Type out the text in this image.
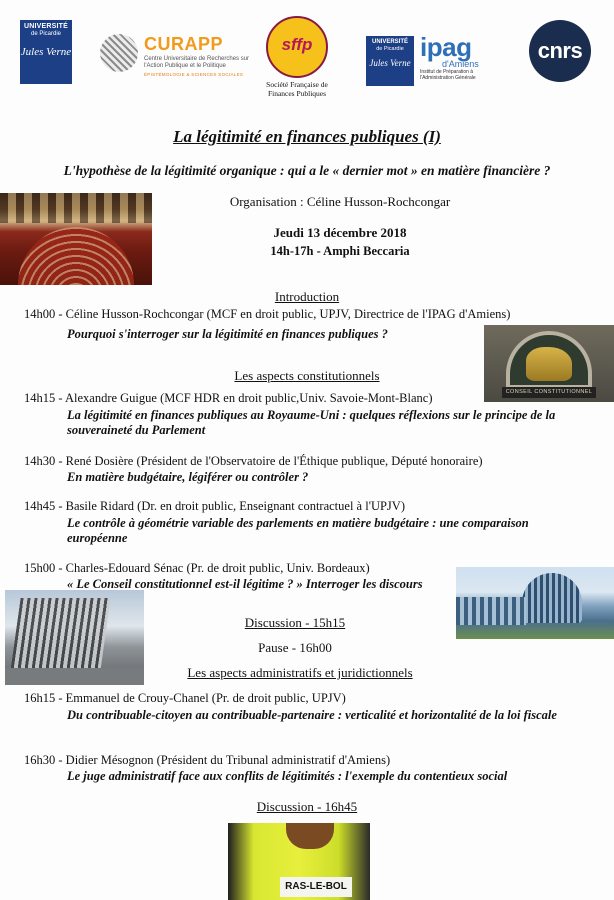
UNIVERSITÉ
de Picardie
Jules Verne	CURAPP
Centre Universitaire de Recherches sur l'Action Publique et le Politique
ÉPISTÉMOLOGIE & SCIENCES SOCIALES
sffp
Société Française de Finances Publiques
UNIVERSITÉ
de Picardie
Jules Verne
ipag
d'Amiens
Institut de Préparation à l'Administration Générale
cnrs
La légitimité en finances publiques (I)
L'hypothèse de la légitimité organique : qui a le « dernier mot » en matière financière ?
Organisation : Céline Husson-Rochcongar
Jeudi 13 décembre 2018
14h-17h - Amphi Beccaria
CONSEIL CONSTITUTIONNEL
RAS-LE-BOL
Introduction
14h00 - Céline Husson-Rochcongar (MCF en droit public, UPJV, Directrice de l'IPAG d'Amiens)
Pourquoi s'interroger sur la légitimité en finances publiques ?
Les aspects constitutionnels
14h15 - Alexandre Guigue (MCF HDR en droit public,Univ. Savoie-Mont-Blanc)
La légitimité en finances publiques au Royaume-Uni : quelques réflexions sur le principe de la souveraineté du Parlement
14h30 - René Dosière (Président de l'Observatoire de l'Éthique publique, Député honoraire)
En matière budgétaire, légiférer ou contrôler ?
14h45 - Basile Ridard (Dr. en droit public, Enseignant contractuel à l'UPJV)
Le contrôle à géométrie variable des parlements en matière budgétaire : une comparaison européenne
15h00 - Charles-Edouard Sénac (Pr. de droit public, Univ. Bordeaux)
« Le Conseil constitutionnel est-il légitime ? » Interroger les discours
Discussion - 15h15
Pause - 16h00
Les aspects administratifs et juridictionnels
16h15 - Emmanuel de Crouy-Chanel (Pr. de droit public, UPJV)
Du contribuable-citoyen au contribuable-partenaire : verticalité et horizontalité de la loi fiscale
16h30 - Didier Mésognon (Président du Tribunal administratif d'Amiens)
Le juge administratif face aux conflits de légitimités : l'exemple du contentieux social
Discussion - 16h45
